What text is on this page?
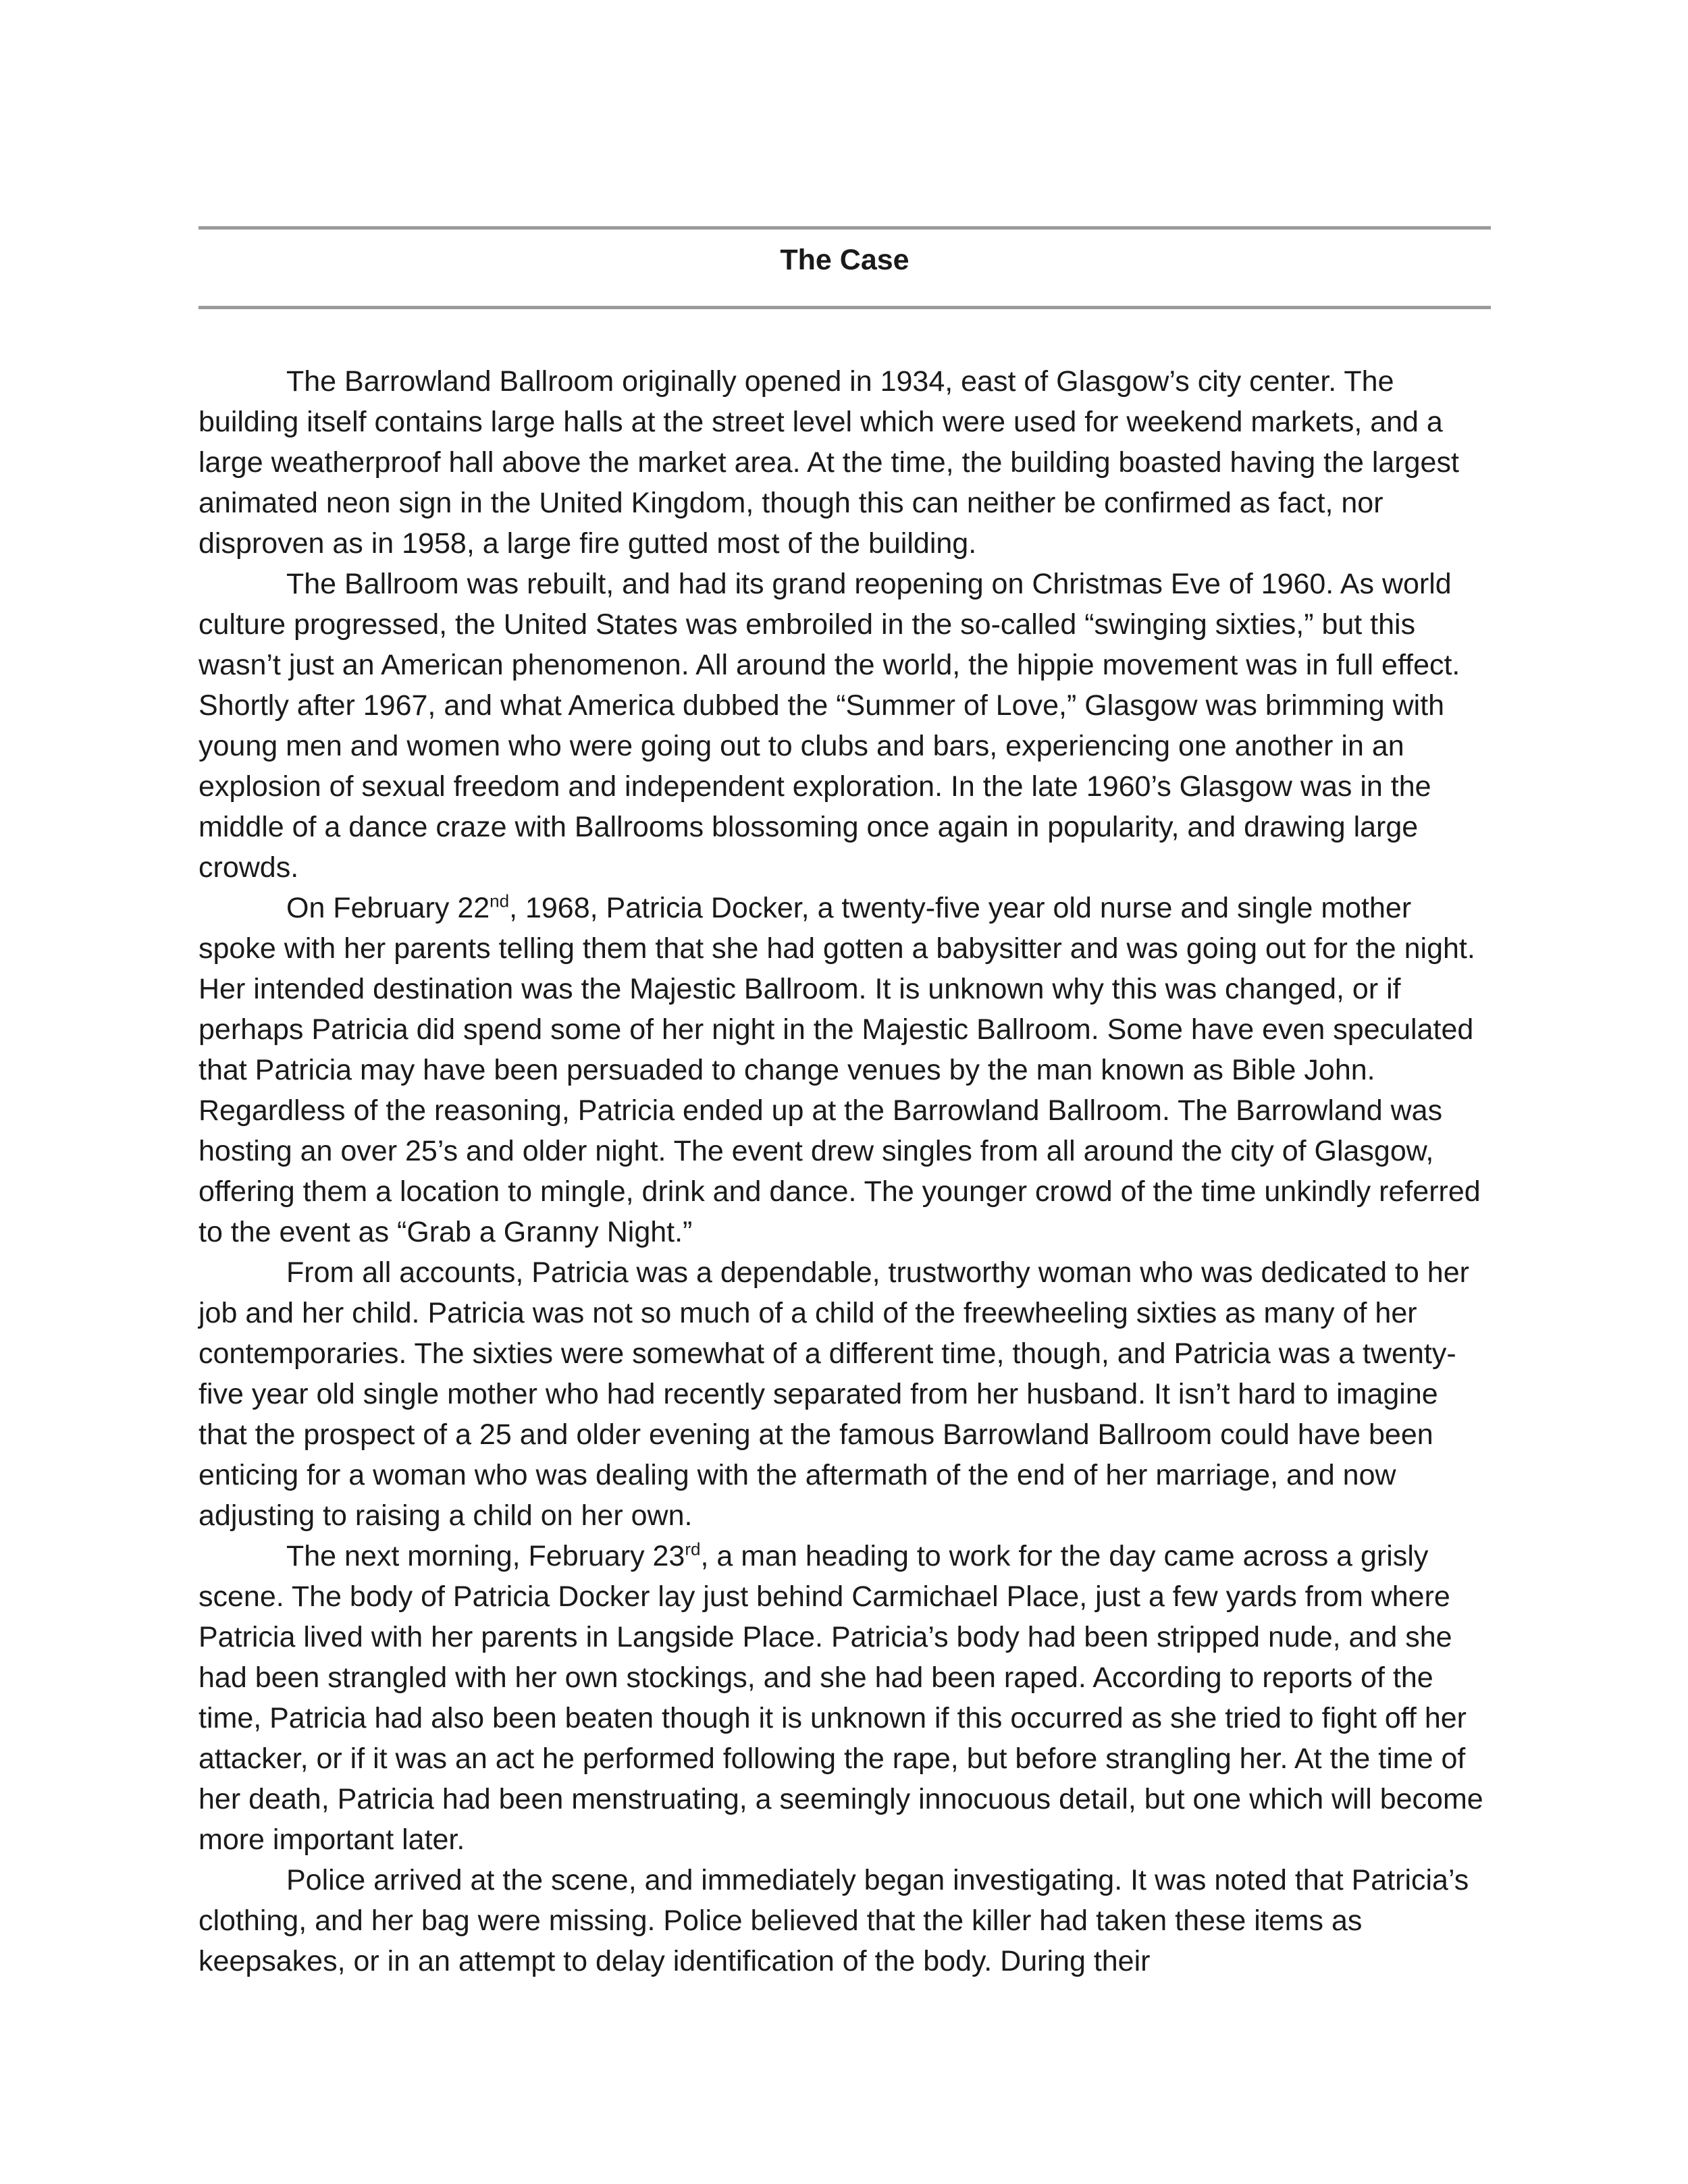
The Case

The Barrowland Ballroom originally opened in 1934, east of Glasgow’s city center. The building itself contains large halls at the street level which were used for weekend markets, and a large weatherproof hall above the market area. At the time, the building boasted having the largest animated neon sign in the United Kingdom, though this can neither be confirmed as fact, nor disproven as in 1958, a large fire gutted most of the building.

The Ballroom was rebuilt, and had its grand reopening on Christmas Eve of 1960. As world culture progressed, the United States was embroiled in the so-called “swinging sixties,” but this wasn’t just an American phenomenon. All around the world, the hippie movement was in full effect. Shortly after 1967, and what America dubbed the “Summer of Love,” Glasgow was brimming with young men and women who were going out to clubs and bars, experiencing one another in an explosion of sexual freedom and independent exploration. In the late 1960’s Glasgow was in the middle of a dance craze with Ballrooms blossoming once again in popularity, and drawing large crowds.

On February 22nd, 1968, Patricia Docker, a twenty-five year old nurse and single mother spoke with her parents telling them that she had gotten a babysitter and was going out for the night. Her intended destination was the Majestic Ballroom. It is unknown why this was changed, or if perhaps Patricia did spend some of her night in the Majestic Ballroom. Some have even speculated that Patricia may have been persuaded to change venues by the man known as Bible John. Regardless of the reasoning, Patricia ended up at the Barrowland Ballroom. The Barrowland was hosting an over 25’s and older night. The event drew singles from all around the city of Glasgow, offering them a location to mingle, drink and dance. The younger crowd of the time unkindly referred to the event as “Grab a Granny Night.”

From all accounts, Patricia was a dependable, trustworthy woman who was dedicated to her job and her child. Patricia was not so much of a child of the freewheeling sixties as many of her contemporaries. The sixties were somewhat of a different time, though, and Patricia was a twenty-five year old single mother who had recently separated from her husband. It isn’t hard to imagine that the prospect of a 25 and older evening at the famous Barrowland Ballroom could have been enticing for a woman who was dealing with the aftermath of the end of her marriage, and now adjusting to raising a child on her own.

The next morning, February 23rd, a man heading to work for the day came across a grisly scene. The body of Patricia Docker lay just behind Carmichael Place, just a few yards from where Patricia lived with her parents in Langside Place. Patricia’s body had been stripped nude, and she had been strangled with her own stockings, and she had been raped. According to reports of the time, Patricia had also been beaten though it is unknown if this occurred as she tried to fight off her attacker, or if it was an act he performed following the rape, but before strangling her. At the time of her death, Patricia had been menstruating, a seemingly innocuous detail, but one which will become more important later.

Police arrived at the scene, and immediately began investigating. It was noted that Patricia’s clothing, and her bag were missing. Police believed that the killer had taken these items as keepsakes, or in an attempt to delay identification of the body. During their
